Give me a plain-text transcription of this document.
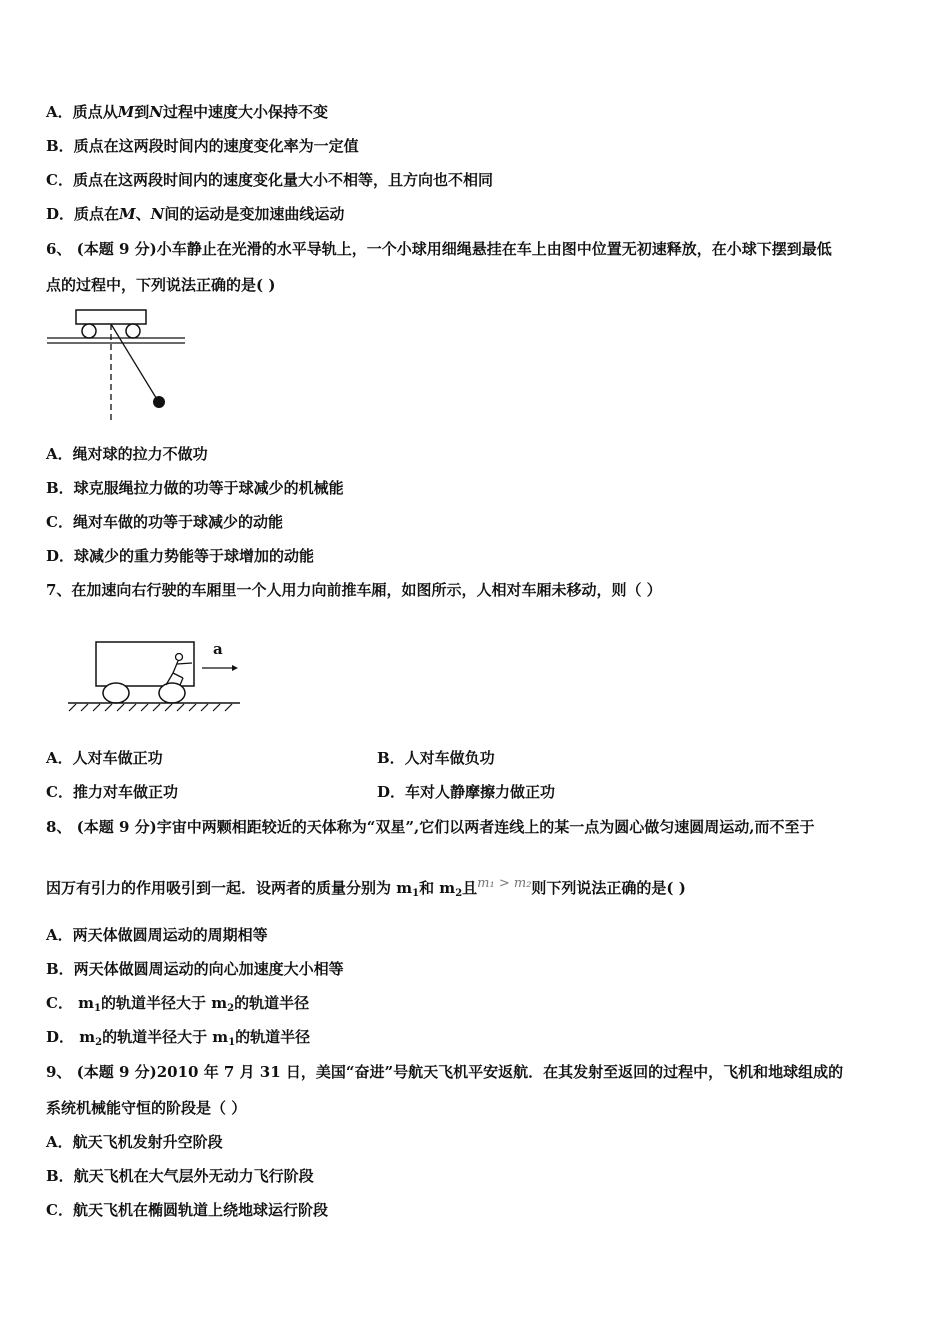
A．质点从M到N过程中速度大小保持不变
B．质点在这两段时间内的速度变化率为一定值
C．质点在这两段时间内的速度变化量大小不相等，且方向也不相同
D．质点在M、N间的运动是变加速曲线运动
6、 (本题 9 分)小车静止在光滑的水平导轨上，一个小球用细绳悬挂在车上由图中位置无初速释放，在小球下摆到最低
点的过程中，下列说法正确的是( )
A．绳对球的拉力不做功
B．球克服绳拉力做的功等于球减少的机械能
C．绳对车做的功等于球减少的动能
D．球减少的重力势能等于球增加的动能
7、在加速向右行驶的车厢里一个人用力向前推车厢，如图所示，人相对车厢未移动，则（ ）
a
A．人对车做正功	B．人对车做负功
C．推力对车做正功	D．车对人静摩擦力做正功
8、 (本题 9 分)宇宙中两颗相距较近的天体称为“双星”,它们以两者连线上的某一点为圆心做匀速圆周运动,而不至于
因万有引力的作用吸引到一起．设两者的质量分别为 $m_1$和 $m_2$且m₁ > m₂则下列说法正确的是( )
A．两天体做圆周运动的周期相等
B．两天体做圆周运动的向心加速度大小相等
C． $m_1$的轨道半径大于 $m_2$的轨道半径
D． $m_2$的轨道半径大于 $m_1$的轨道半径
9、 (本题 9 分)2010 年 7 月 31 日，美国“奋进”号航天飞机平安返航．在其发射至返回的过程中，飞机和地球组成的
系统机械能守恒的阶段是（ ）
A．航天飞机发射升空阶段
B．航天飞机在大气层外无动力飞行阶段
C．航天飞机在椭圆轨道上绕地球运行阶段
